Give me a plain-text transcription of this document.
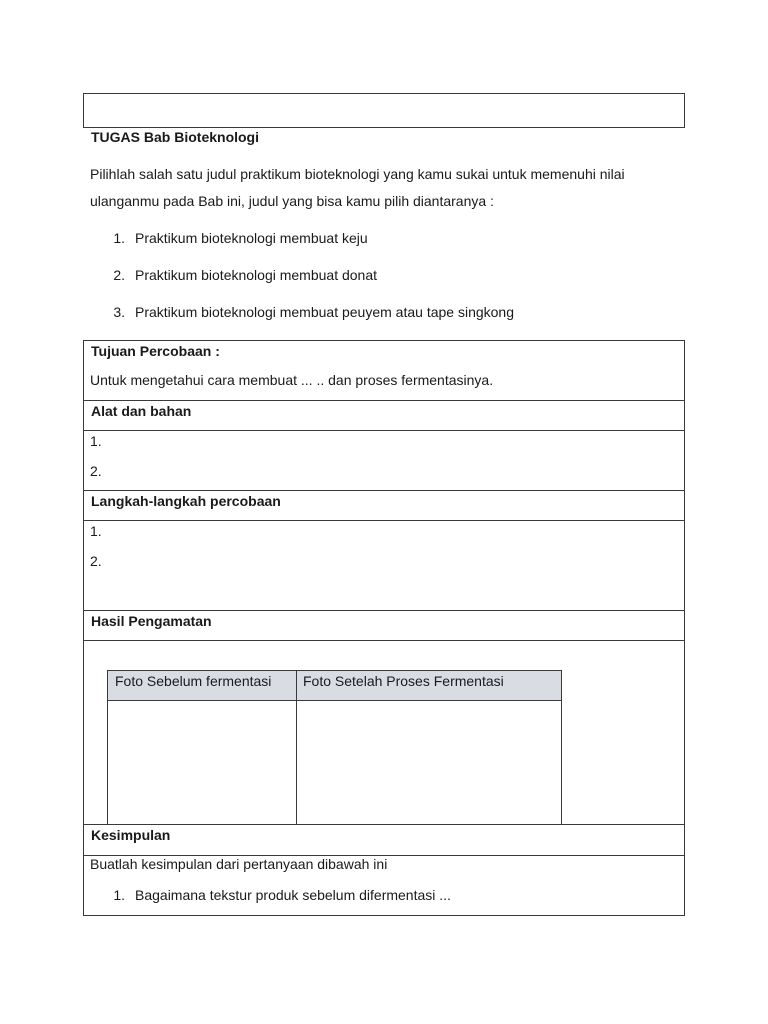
TUGAS Bab Bioteknologi
Pilihlah salah satu judul praktikum bioteknologi yang kamu sukai untuk memenuhi nilai
ulanganmu pada Bab ini, judul yang bisa kamu pilih diantaranya :
1. Praktikum bioteknologi membuat keju
2. Praktikum bioteknologi membuat donat
3. Praktikum bioteknologi membuat peuyem atau tape singkong
Tujuan Percobaan :
Untuk mengetahui cara membuat ... .. dan proses fermentasinya.
Alat dan bahan
1.
2.
Langkah-langkah percobaan
1.
2.
Hasil Pengamatan
Foto Sebelum fermentasi Foto Setelah Proses Fermentasi
Kesimpulan
Buatlah kesimpulan dari pertanyaan dibawah ini
1. Bagaimana tekstur produk sebelum difermentasi ...
